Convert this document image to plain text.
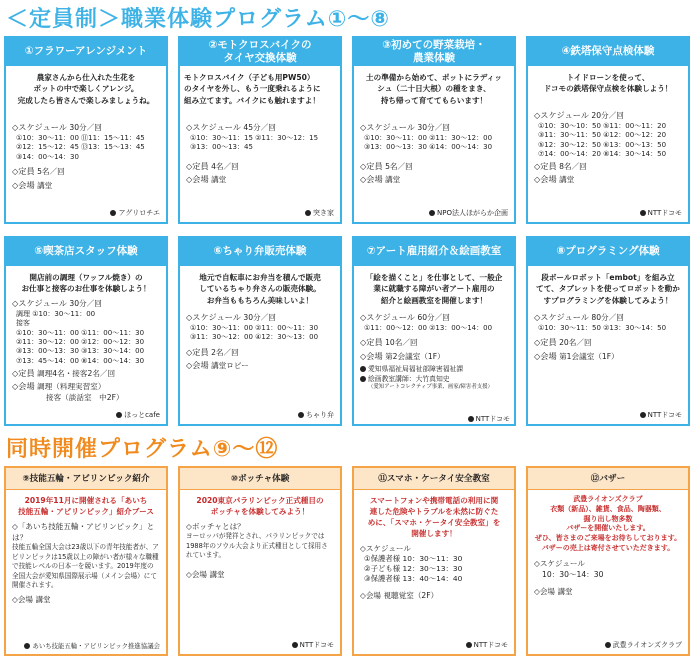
＜定員制＞職業体験プログラム①～⑧
①フラワーアレンジメント
農家さんから仕入れた生花を
ポットの中で楽しくアレンジ。
完成したら皆さんで楽しみましょうね。
◇スケジュール 30分／回
①10：30～11：00 ⑪11：15～11：45
②12：15～12：45 ⑬13：15～13：45
③14：00～14：30
◇定員 5名／回
◇会場 講堂
アグリロチエ
②モトクロスバイクの
タイヤ交換体験
モトクロスバイク（子ども用PW50）
のタイヤを外し、もう一度乗れるように
組み立てます。バイクにも触れますよ！
◇スケジュール 45分／回
①10：30～11：15 ②11：30～12：15
③13：00～13：45
◇定員 4名／回
◇会場 講堂
突き家
③初めての野菜栽培・
農業体験
土の準備から始めて、ポットにラディッ
シュ（二十日大根）の種をまき、
持ち帰って育ててもらいます！
◇スケジュール 30分／回
①10：30～11：00 ②11：30～12：00
③13：00～13：30 ④14：00～14：30
◇定員 5名／回
◇会場 講堂
NPO法人ほがらか企画
④鉄塔保守点検体験
トイドローンを使って、
ドコモの鉄塔保守点検を体験しよう！
◇スケジュール 20分／回
①10：30～10：50 ⑤11：00～11：20
③11：30～11：50 ④12：00～12：20
⑤12：30～12：50 ⑥13：00～13：50
⑦14：00～14：20 ⑧14：30～14：50
◇定員 8名／回
◇会場 講堂
NTTドコモ
⑤喫茶店スタッフ体験
開店前の調理（ワッフル焼き）の
お仕事と接客のお仕事を体験しよう！
◇スケジュール 30分／回
調理 ①10：30～11：00
接客
①10：30～11：00 ①11：00～11：30
②11：30～12：00 ②12：00～12：30
③13：00～13：30 ③13：30～14：00
⑦13：45～14：00 ⑧14：00～14：30
◇定員 調理4名・接客2名／回
◇会場 調理（料理実習室）
接客（談話室　中2F）
ほっとcafe
⑥ちゃり弁販売体験
地元で自転車にお弁当を積んで販売
しているちゃり弁さんの販売体験。
お弁当ももちろん美味しいよ！
◇スケジュール 30分／回
①10：30～11：00 ②11：00～11：30
③11：30～12：00 ④12：30～13：00
◇定員 2名／回
◇会場 講堂ロビー
ちゃり弁
⑦アート雇用紹介＆絵画教室
「絵を描くこと」を仕事として、一般企
業に就職する障がい者アート雇用の
紹介と絵画教室を開催します！
◇スケジュール 60分／回
①11：00～12：00 ②13：00～14：00
◇定員 10名／回
◇会場 第2会議室（1F）
愛知県福祉局福祉部障害福祉課
絵画教室講師：大竹真知史
（愛知アートコレクティブ事業、画家/障害者支援）
⑧プログラミング体験
段ボールロボット「embot」を組み立
てて、タブレットを使ってロボットを動か
すプログラミングを体験してみよう！
◇スケジュール 80分／回
①10：30～11：50 ②13：30～14：50
◇定員 20名／回
◇会場 第1会議室（1F）
NTTドコモ
NTTドコモ
同時開催プログラム⑨～⑫
⑨技能五輪・アビリンピック紹介
2019年11月に開催される「あいち
技能五輪・アビリンピック」紹介ブース
◇「あいち技能五輪・アビリンピック」とは？
技能五輪全国大会は23歳以下の青年技能者が、アビリンピックは15歳以上の障がい者が様々な職種で技能レベルの日本一を競います。2019年度の全国大会が愛知県国際展示場（メイン会場）にて開催されます。
◇会場 講堂
あいち技能五輪・アビリンピック推進協議会
⑩ボッチャ体験
2020東京パラリンピック正式種目の
ボッチャを体験してみよう！
◇ボッチャとは？
ヨーロッパが発祥とされ、パラリンピックでは1988年のソウル大会より正式種目として採用されています。
◇会場 講堂
NTTドコモ
⑪スマホ・ケータイ安全教室
スマートフォンや携帯電話の利用に関
連した危険やトラブルを未然に防ぐた
めに、「スマホ・ケータイ安全教室」を
開催します！
◇スケジュール
①保護者様 10：30～11：30
②子ども様 12：30～13：30
③保護者様 13：40～14：40
◇会場 視聴覚室（2F）
NTTドコモ
⑫バザー
武豊ライオンズクラブ
衣類（新品）、雑貨、食品、陶器類、
掘り出し物多数
バザーを開催いたします。
ぜひ、皆さまのご来場をお待ちしております。
バザーの売上は寄付させていただきます。
◇スケジュール
10：30～14：30
◇会場 講堂
武豊ライオンズクラブ
